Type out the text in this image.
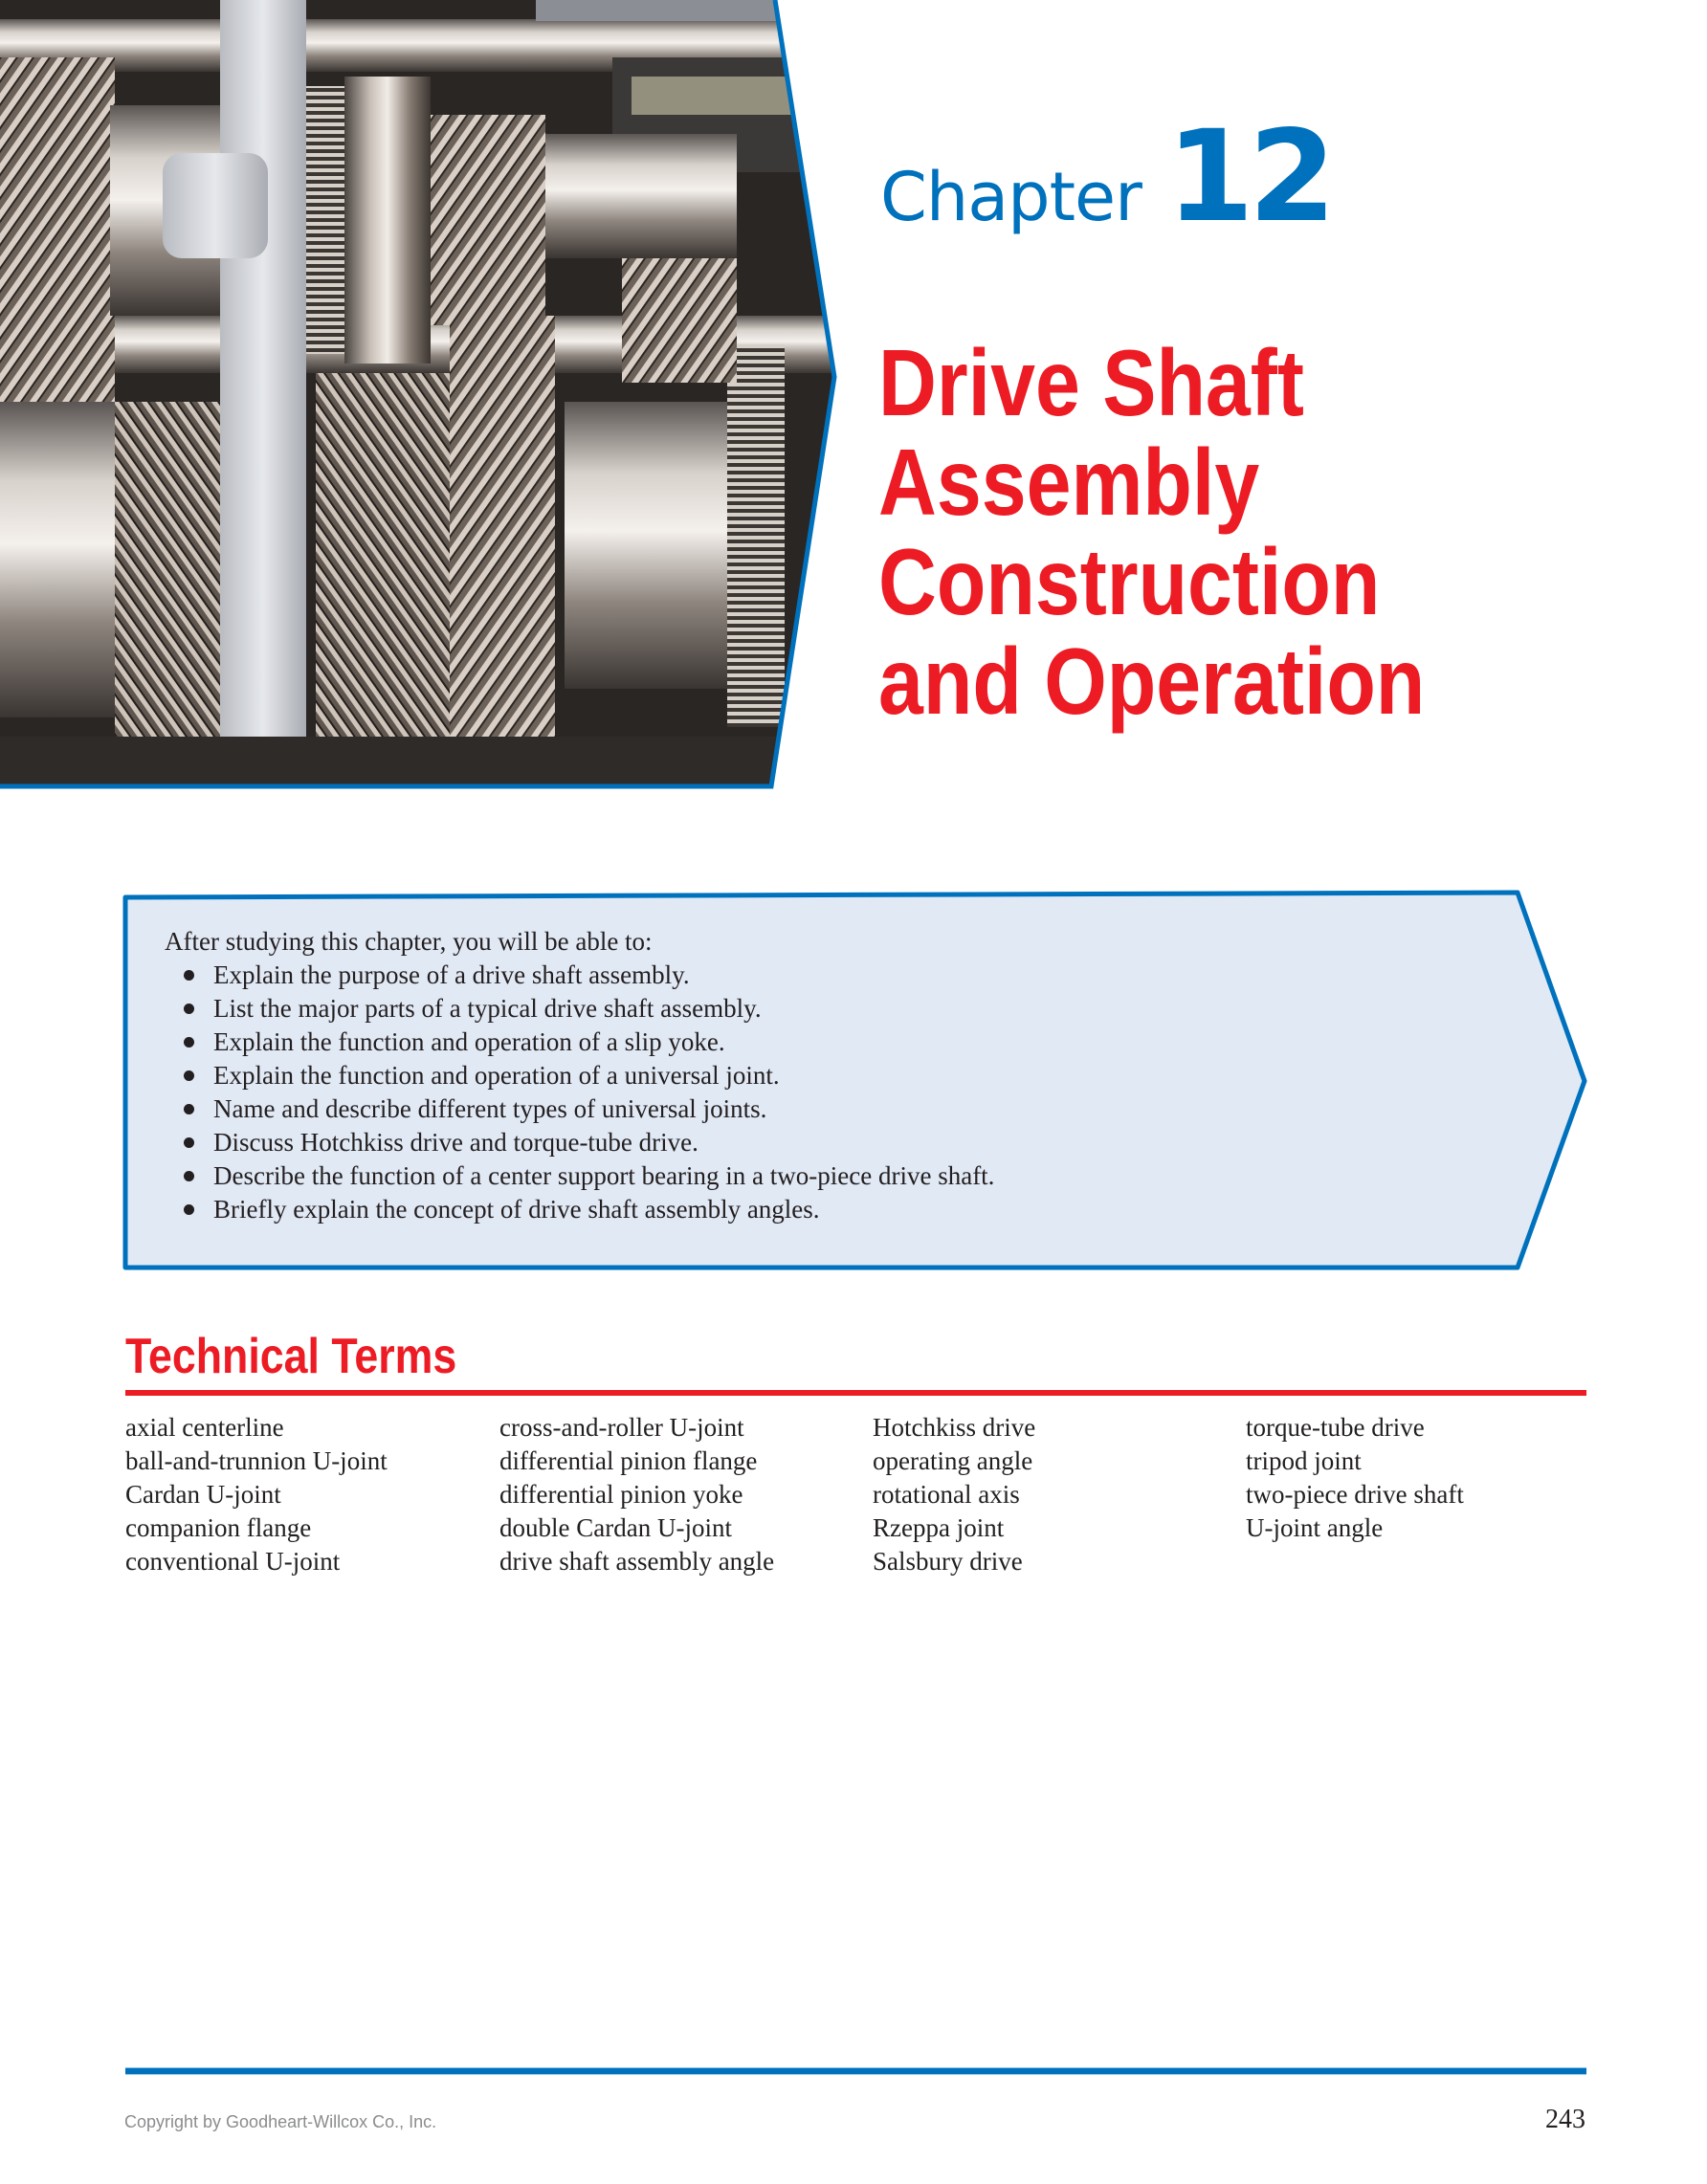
Chapter 12
Drive Shaft
Assembly
Construction
and Operation

After studying this chapter, you will be able to:

Explain the purpose of a drive shaft assembly.
List the major parts of a typical drive shaft assembly.
Explain the function and operation of a slip yoke.
Explain the function and operation of a universal joint.
Name and describe different types of universal joints.
Discuss Hotchkiss drive and torque-tube drive.
Describe the function of a center support bearing in a two-piece drive shaft.
Briefly explain the concept of drive shaft assembly angles.
Technical Terms
axial centerline
ball-and-trunnion U-joint
Cardan U-joint
companion flange
conventional U-joint
cross-and-roller U-joint
differential pinion flange
differential pinion yoke
double Cardan U-joint
drive shaft assembly angle
Hotchkiss drive
operating angle
rotational axis
Rzeppa joint
Salsbury drive
torque-tube drive
tripod joint
two-piece drive shaft
U-joint angle
Copyright by Goodheart-Willcox Co., Inc.	243
